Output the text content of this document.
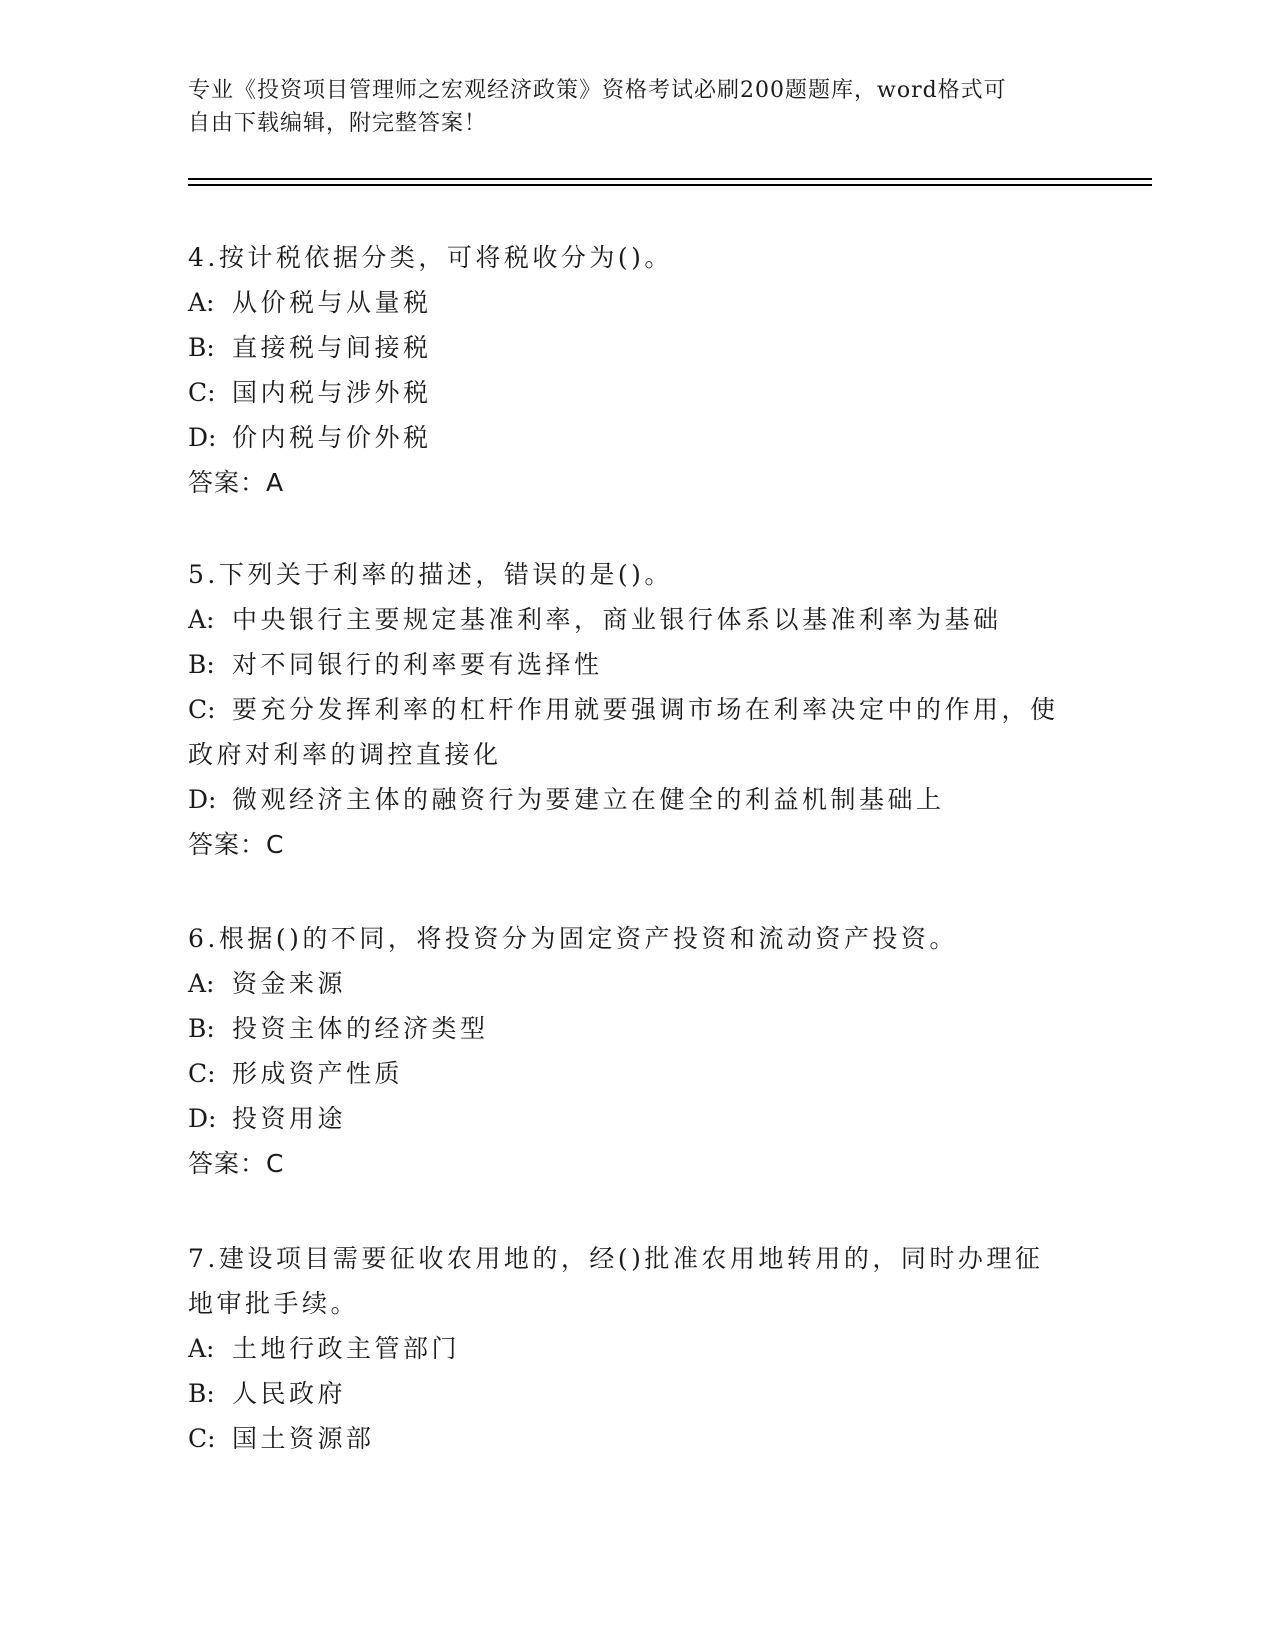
专业《投资项目管理师之宏观经济政策》资格考试必刷200题题库，word格式可
自由下载编辑，附完整答案！

4.按计税依据分类，可将税收分为()。

A: 从价税与从量税

B: 直接税与间接税

C: 国内税与涉外税

D: 价内税与价外税

答案：A

5.下列关于利率的描述，错误的是()。

A: 中央银行主要规定基准利率，商业银行体系以基准利率为基础

B: 对不同银行的利率要有选择性

C: 要充分发挥利率的杠杆作用就要强调市场在利率决定中的作用，使

政府对利率的调控直接化

D: 微观经济主体的融资行为要建立在健全的利益机制基础上

答案：C

6.根据()的不同，将投资分为固定资产投资和流动资产投资。

A: 资金来源

B: 投资主体的经济类型

C: 形成资产性质

D: 投资用途

答案：C

7.建设项目需要征收农用地的，经()批准农用地转用的，同时办理征

地审批手续。

A: 土地行政主管部门

B: 人民政府

C: 国土资源部
